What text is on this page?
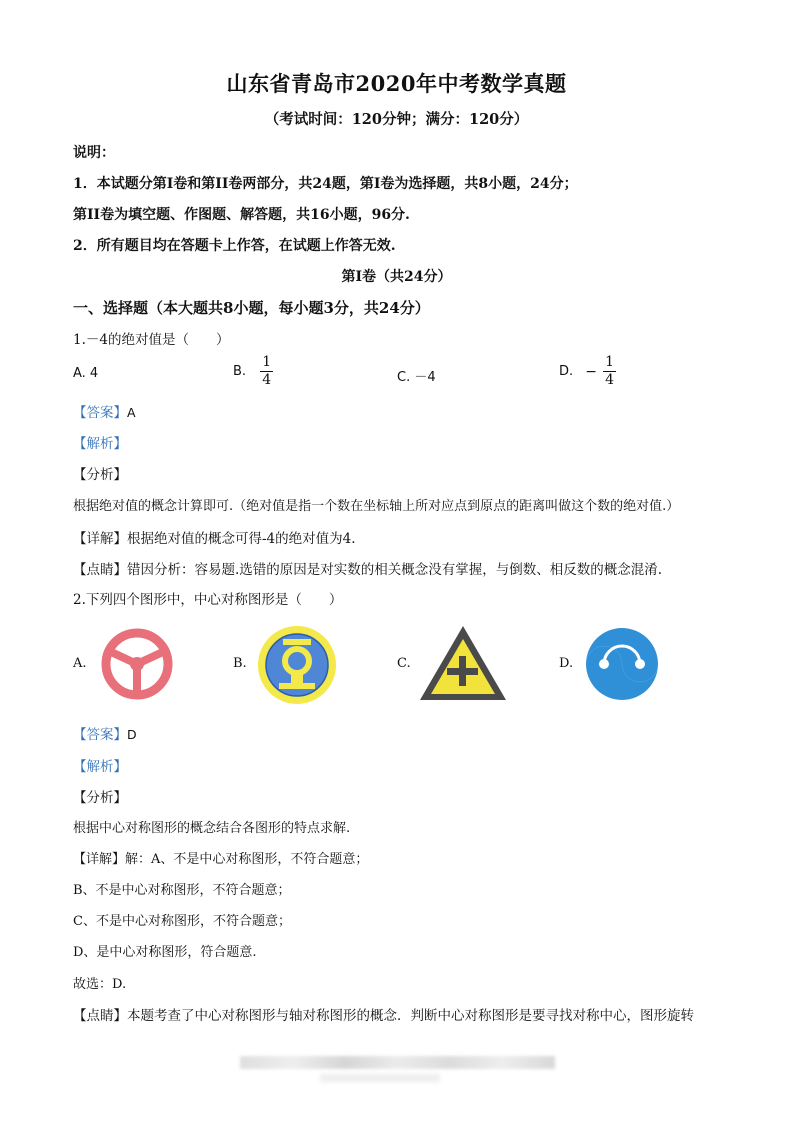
山东省青岛市2020年中考数学真题
（考试时间：120分钟；满分：120分）
说明：
1．本试题分第I卷和第II卷两部分，共24题，第I卷为选择题，共8小题，24分；
第II卷为填空题、作图题、解答题，共16小题，96分.
2．所有题目均在答题卡上作答，在试题上作答无效.
第I卷（共24分）
一、选择题（本大题共8小题，每小题3分，共24分）
1.－4的绝对值是（　　）
A. 4	B. $\frac{1}{4}$	C. －4	D. − $\frac{1}{4}$
【答案】A
【解析】
【分析】
根据绝对值的概念计算即可.（绝对值是指一个数在坐标轴上所对应点到原点的距离叫做这个数的绝对值.）
【详解】根据绝对值的概念可得-4的绝对值为4.
【点睛】错因分析：容易题.选错的原因是对实数的相关概念没有掌握，与倒数、相反数的概念混淆.
2.下列四个图形中，中心对称图形是（　　）
A.	B.	C.	D.
【答案】D
【解析】
【分析】
根据中心对称图形的概念结合各图形的特点求解.
【详解】解：A、不是中心对称图形，不符合题意；
B、不是中心对称图形，不符合题意；
C、不是中心对称图形，不符合题意；
D、是中心对称图形，符合题意.
故选：D.
【点睛】本题考查了中心对称图形与轴对称图形的概念．判断中心对称图形是要寻找对称中心，图形旋转
